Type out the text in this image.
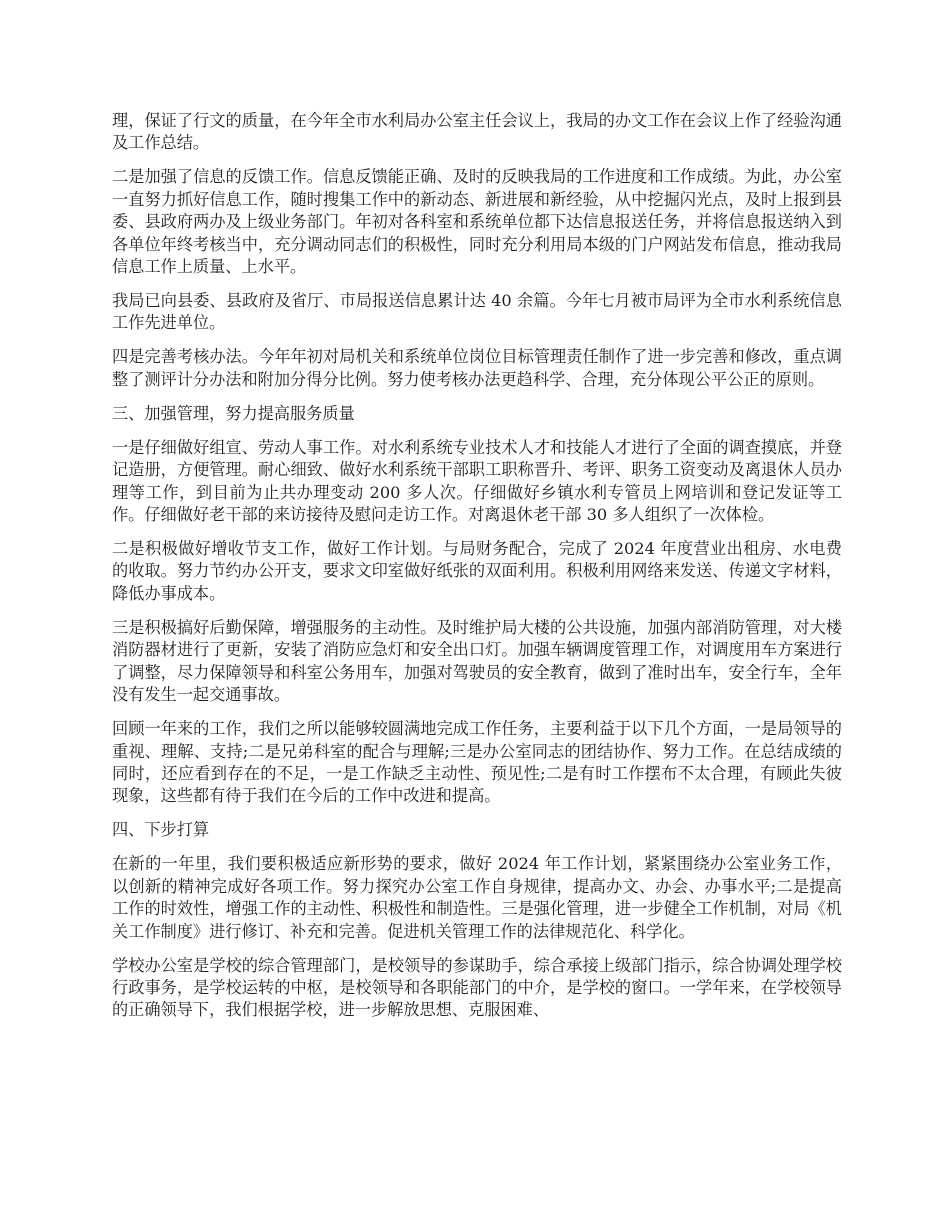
理，保证了行文的质量，在今年全市水利局办公室主任会议上，我局的办文工作在会议上作了经验沟通及工作总结。

二是加强了信息的反馈工作。信息反馈能正确、及时的反映我局的工作进度和工作成绩。为此，办公室一直努力抓好信息工作，随时搜集工作中的新动态、新进展和新经验，从中挖掘闪光点，及时上报到县委、县政府两办及上级业务部门。年初对各科室和系统单位都下达信息报送任务，并将信息报送纳入到各单位年终考核当中，充分调动同志们的积极性，同时充分利用局本级的门户网站发布信息，推动我局信息工作上质量、上水平。

我局已向县委、县政府及省厅、市局报送信息累计达 40 余篇。今年七月被市局评为全市水利系统信息工作先进单位。

四是完善考核办法。今年年初对局机关和系统单位岗位目标管理责任制作了进一步完善和修改，重点调整了测评计分办法和附加分得分比例。努力使考核办法更趋科学、合理，充分体现公平公正的原则。

三、加强管理，努力提高服务质量

一是仔细做好组宣、劳动人事工作。对水利系统专业技术人才和技能人才进行了全面的调查摸底，并登记造册，方便管理。耐心细致、做好水利系统干部职工职称晋升、考评、职务工资变动及离退休人员办理等工作，到目前为止共办理变动 200 多人次。仔细做好乡镇水利专管员上网培训和登记发证等工作。仔细做好老干部的来访接待及慰问走访工作。对离退休老干部 30 多人组织了一次体检。

二是积极做好增收节支工作，做好工作计划。与局财务配合，完成了 2024 年度营业出租房、水电费的收取。努力节约办公开支，要求文印室做好纸张的双面利用。积极利用网络来发送、传递文字材料，降低办事成本。

三是积极搞好后勤保障，增强服务的主动性。及时维护局大楼的公共设施，加强内部消防管理，对大楼消防器材进行了更新，安装了消防应急灯和安全出口灯。加强车辆调度管理工作，对调度用车方案进行了调整，尽力保障领导和科室公务用车，加强对驾驶员的安全教育，做到了准时出车，安全行车，全年没有发生一起交通事故。

回顾一年来的工作，我们之所以能够较圆满地完成工作任务，主要利益于以下几个方面，一是局领导的重视、理解、支持;二是兄弟科室的配合与理解;三是办公室同志的团结协作、努力工作。在总结成绩的同时，还应看到存在的不足，一是工作缺乏主动性、预见性;二是有时工作摆布不太合理，有顾此失彼现象，这些都有待于我们在今后的工作中改进和提高。

四、下步打算

在新的一年里，我们要积极适应新形势的要求，做好 2024 年工作计划，紧紧围绕办公室业务工作，以创新的精神完成好各项工作。努力探究办公室工作自身规律，提高办文、办会、办事水平;二是提高工作的时效性，增强工作的主动性、积极性和制造性。三是强化管理，进一步健全工作机制，对局《机关工作制度》进行修订、补充和完善。促进机关管理工作的法律规范化、科学化。

学校办公室是学校的综合管理部门，是校领导的参谋助手，综合承接上级部门指示，综合协调处理学校行政事务，是学校运转的中枢，是校领导和各职能部门的中介，是学校的窗口。一学年来，在学校领导的正确领导下，我们根据学校，进一步解放思想、克服困难、
